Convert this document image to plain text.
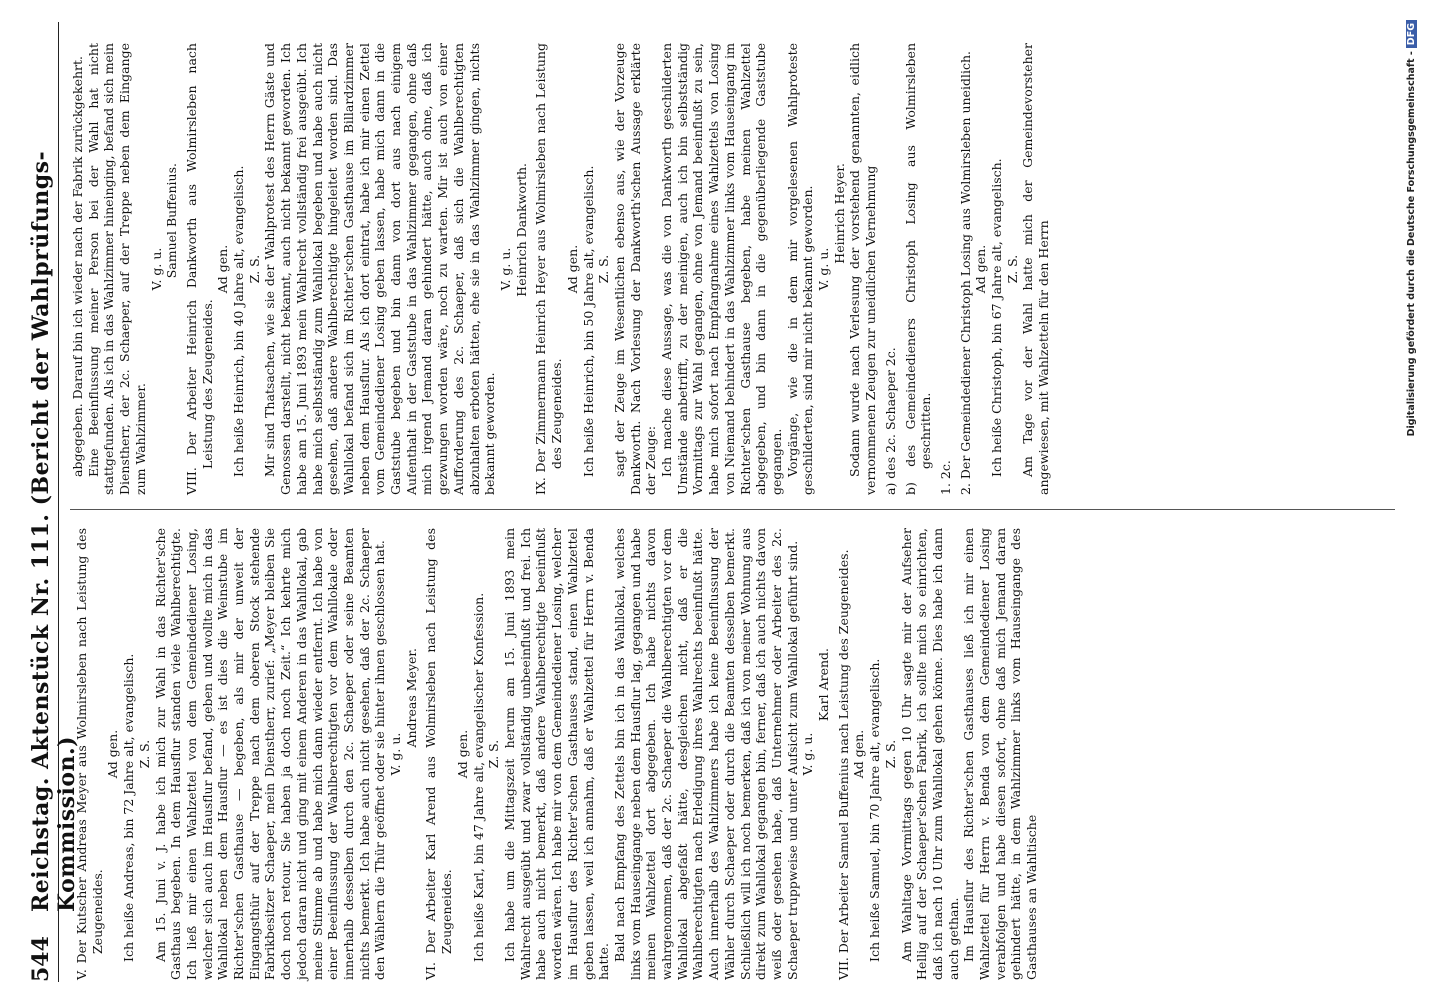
544
Reichstag. Aktenstück Nr. 111. (Bericht der Wahlprüfungs-Kommission.)

V. Der Kutscher Andreas Meyer aus Wolmirsleben nach Leistung des Zeugeneides.

Ad gen. Ich heiße Andreas, bin 72 Jahre alt, evangelisch. Z. S. Am 15. Juni v. J. habe ich mich zur Wahl in das Richter'sche Gasthaus begeben. In dem Hausflur standen viele Wahlberechtigte. Ich ließ mir einen Wahlzettel von dem Gemeindediener Losing, welcher sich auch im Hausflur befand, geben und wollte mich in das Wahllokal neben dem Hausflur — es ist dies die Weinstube im Richter'schen Gasthause — begeben, als mir der unweit der Eingangsthür auf der Treppe nach dem oberen Stock stehende Fabrikbesitzer Schaeper, mein Dienstherr, zurief: „Meyer bleiben Sie doch noch retour, Sie haben ja doch noch Zeit.“ Ich kehrte mich jedoch daran nicht und ging mit einem Anderen in das Wahllokal, gab meine Stimme ab und habe mich dann wieder entfernt. Ich habe von einer Beeinflussung der Wahlberechtigten vor dem Wahllokale oder innerhalb desselben durch den 2c. Schaeper oder seine Beamten nichts bemerkt. Ich habe auch nicht gesehen, daß der 2c. Schaeper den Wählern die Thür geöffnet oder sie hinter ihnen geschlossen hat. V. g. u.

Andreas Meyer. VI. Der Arbeiter Karl Arend aus Wolmirsleben nach Leistung des Zeugeneides.

Ad gen. Ich heiße Karl, bin 47 Jahre alt, evangelischer Konfession. Z. S. Ich habe um die Mittagszeit herum am 15. Juni 1893 mein Wahlrecht ausgeübt und zwar vollständig unbeeinflußt und frei. Ich habe auch nicht bemerkt, daß andere Wahlberechtigte beeinflußt worden wären. Ich habe mir von dem Gemeindediener Losing, welcher im Hausflur des Richter'schen Gasthauses stand, einen Wahlzettel geben lassen, weil ich annahm, daß er Wahlzettel für Herrn v. Benda hatte. Bald nach Empfang des Zettels bin ich in das Wahllokal, welches links vom Hauseingange neben dem Hausflur lag, gegangen und habe meinen Wahlzettel dort abgegeben. Ich habe nichts davon wahrgenommen, daß der 2c. Schaeper die Wahlberechtigten vor dem Wahllokal abgefaßt hätte, desgleichen nicht, daß er die Wahlberechtigten nach Erledigung ihres Wahlrechts beeinflußt hätte. Auch innerhalb des Wahlzimmers habe ich keine Beeinflussung der Wähler durch Schaeper oder durch die Beamten desselben bemerkt. Schließlich will ich noch bemerken, daß ich von meiner Wohnung aus direkt zum Wahllokal gegangen bin, ferner, daß ich auch nichts davon weiß oder gesehen habe, daß Unternehmer oder Arbeiter des 2c. Schaeper truppweise und unter Aufsicht zum Wahllokal geführt sind. V. g. u.

Karl Arend. VII. Der Arbeiter Samuel Buffenius nach Leistung des Zeugeneides. Ad gen. Ich heiße Samuel, bin 70 Jahre alt, evangelisch. Z. S. Am Wahltage Vormittags gegen 10 Uhr sagte mir der Aufseher Hellig auf der Schaeper'schen Fabrik, ich sollte mich so einrichten, daß ich nach 10 Uhr zum Wahllokal gehen könne. Dies habe ich dann auch gethan. Im Hausflur des Richter'schen Gasthauses ließ ich mir einen Wahlzettel für Herrn v. Benda von dem Gemeindediener Losing verabfolgen und habe diesen sofort, ohne daß mich Jemand daran gehindert hätte, in dem Wahlzimmer links vom Hauseingange des Gasthauses an Wahltische

abgegeben. Darauf bin ich wieder nach der Fabrik zurückgekehrt. Eine Beeinflussung meiner Person bei der Wahl hat nicht stattgefunden. Als ich in das Wahlzimmer hineinging, befand sich mein Dienstherr, der 2c. Schaeper, auf der Treppe neben dem Eingange zum Wahlzimmer.

V. g. u. Samuel Buffenius. VIII. Der Arbeiter Heinrich Dankworth aus Wolmirsleben nach Leistung des Zeugeneides.

Ad gen. Ich heiße Heinrich, bin 40 Jahre alt, evangelisch. Z. S. Mir sind Thatsachen, wie sie der Wahlprotest des Herrn Gäste und Genossen darstellt, nicht bekannt, auch nicht bekannt geworden. Ich habe am 15. Juni 1893 mein Wahlrecht vollständig frei ausgeübt. Ich habe mich selbstständig zum Wahllokal begeben und habe auch nicht gesehen, daß andere Wahlberechtigte hingeleitet worden sind. Das Wahllokal befand sich im Richter'schen Gasthause im Billardzimmer neben dem Hausflur. Als ich dort eintrat, habe ich mir einen Zettel vom Gemeindediener Losing geben lassen, habe mich dann in die Gaststube begeben und bin dann von dort aus nach einigem Aufenthalt in der Gaststube in das Wahlzimmer gegangen, ohne daß mich irgend Jemand daran gehindert hätte, auch ohne, daß ich gezwungen worden wäre, noch zu warten. Mir ist auch von einer Aufforderung des 2c. Schaeper, daß sich die Wahlberechtigten abzuhalten erboten hätten, ehe sie in das Wahlzimmer gingen, nichts bekannt geworden.

V. g. u. Heinrich Dankworth. IX. Der Zimmermann Heinrich Heyer aus Wolmirsleben nach Leistung des Zeugeneides.

Ad gen. Ich heiße Heinrich, bin 50 Jahre alt, evangelisch. Z. S. sagt der Zeuge im Wesentlichen ebenso aus, wie der Vorzeuge Dankworth. Nach Vorlesung der Dankworth'schen Aussage erklärte der Zeuge: Ich mache diese Aussage, was die von Dankworth geschilderten Umstände anbetrifft, zu der meinigen, auch ich bin selbstständig Vormittags zur Wahl gegangen, ohne von Jemand beeinflußt zu sein, habe mich sofort nach Empfangnahme eines Wahlzettels von Losing von Niemand behindert in das Wahlzimmer links vom Hauseingang im Richter'schen Gasthause begeben, habe meinen Wahlzettel abgegeben, und bin dann in die gegenüberliegende Gaststube gegangen. Vorgänge, wie die in dem mir vorgelesenen Wahlproteste geschilderten, sind mir nicht bekannt geworden. V. g. u.

Heinrich Heyer. Sodann wurde nach Verlesung der vorstehend genannten, eidlich vernommenen Zeugen zur uneidlichen Vernehmung a) des 2c. Schaeper 2c. b) des Gemeindedieners Christoph Losing aus Wolmirsleben geschritten.

1. 2c. 2. Der Gemeindediener Christoph Losing aus Wolmirsleben uneidlich. Ad gen. Ich heiße Christoph, bin 67 Jahre alt, evangelisch. Z. S. Am Tage vor der Wahl hatte mich der Gemeindevorsteher angewiesen, mit Wahlzetteln für den Herrn	Digitalisierung gefördert durch die Deutsche Forschungsgemeinschaft -DFG
